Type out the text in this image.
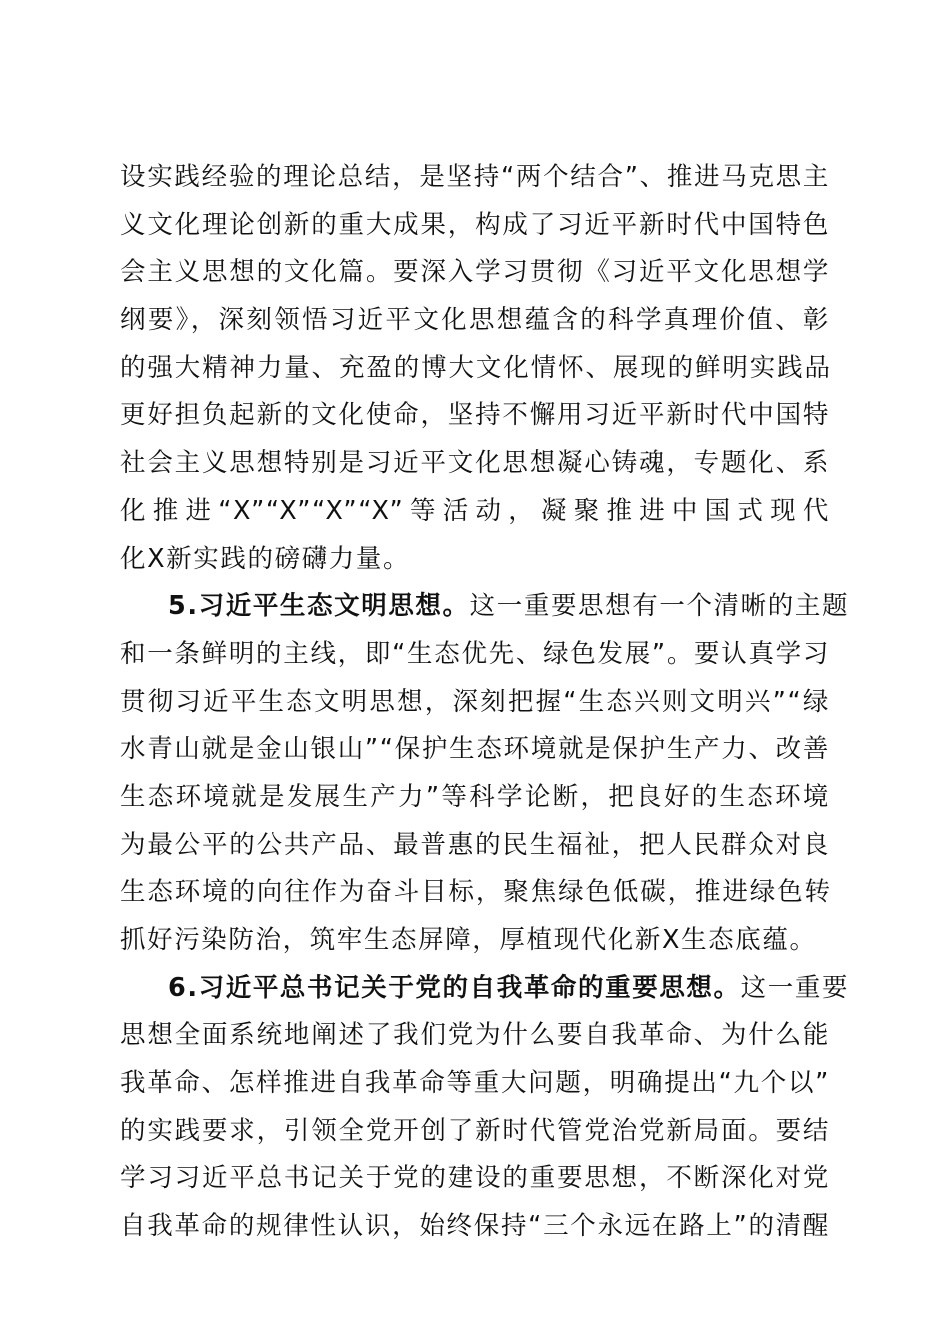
设实践经验的理论总结，是坚持“两个结合”、推进马克思主
义文化理论创新的重大成果，构成了习近平新时代中国特色
会主义思想的文化篇。要深入学习贯彻《习近平文化思想学
纲要》，深刻领悟习近平文化思想蕴含的科学真理价值、彰
的强大精神力量、充盈的博大文化情怀、展现的鲜明实践品
更好担负起新的文化使命，坚持不懈用习近平新时代中国特
社会主义思想特别是习近平文化思想凝心铸魂，专题化、系
化推进“X”“X”“X”“X”等活动，凝聚推进中国式现代
化X新实践的磅礴力量。
5.习近平生态文明思想。这一重要思想有一个清晰的主题
和一条鲜明的主线，即“生态优先、绿色发展”。要认真学习
贯彻习近平生态文明思想，深刻把握“生态兴则文明兴”“绿
水青山就是金山银山”“保护生态环境就是保护生产力、改善
生态环境就是发展生产力”等科学论断，把良好的生态环境
为最公平的公共产品、最普惠的民生福祉，把人民群众对良
生态环境的向往作为奋斗目标，聚焦绿色低碳，推进绿色转
抓好污染防治，筑牢生态屏障，厚植现代化新X生态底蕴。
6.习近平总书记关于党的自我革命的重要思想。这一重要
思想全面系统地阐述了我们党为什么要自我革命、为什么能
我革命、怎样推进自我革命等重大问题，明确提出“九个以”
的实践要求，引领全党开创了新时代管党治党新局面。要结
学习习近平总书记关于党的建设的重要思想，不断深化对党
自我革命的规律性认识，始终保持“三个永远在路上”的清醒
